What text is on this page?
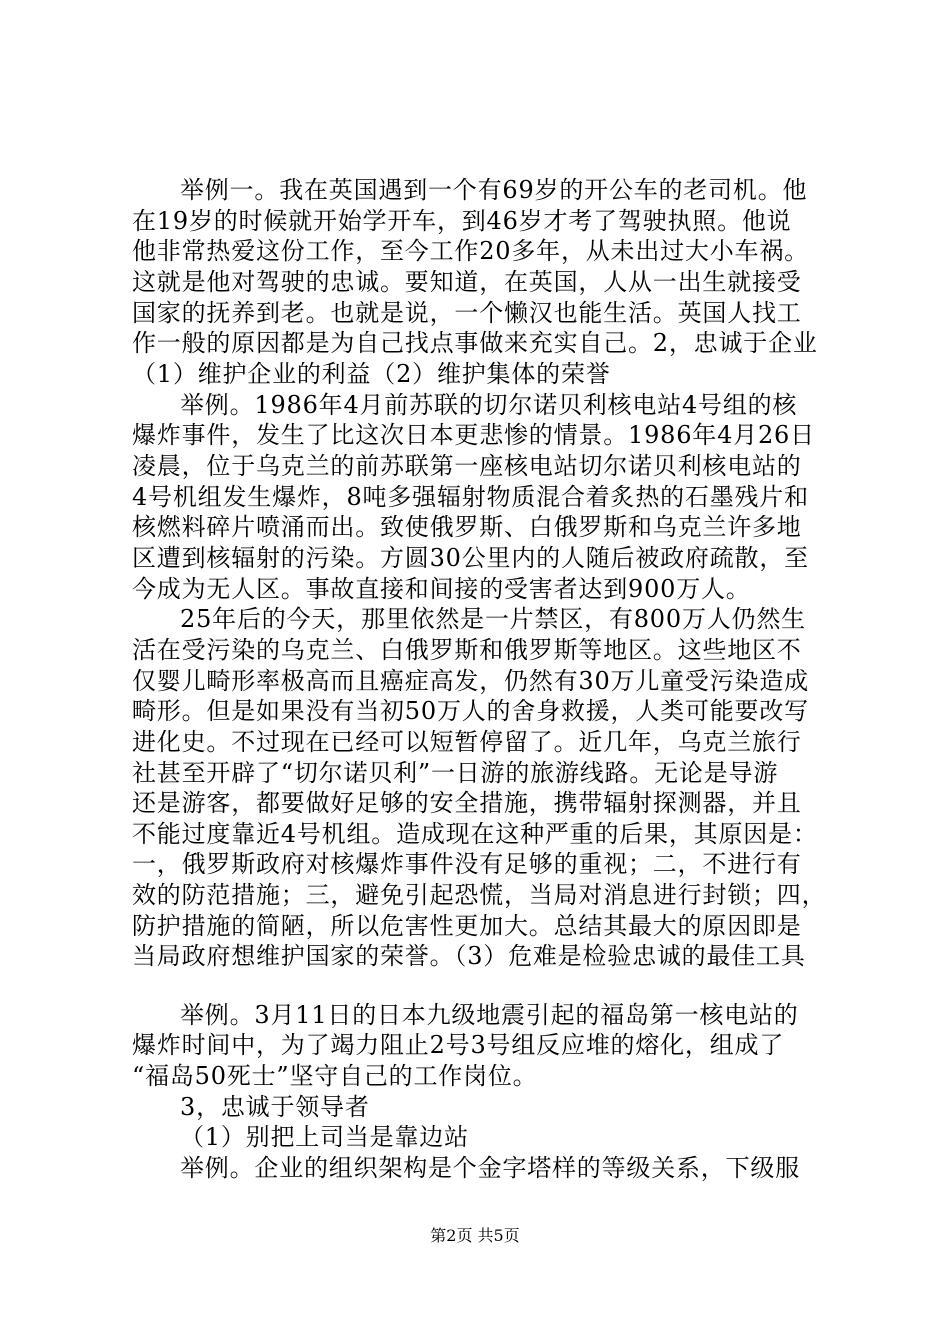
举例一。我在英国遇到一个有69岁的开公车的老司机。他
在19岁的时候就开始学开车，到46岁才考了驾驶执照。他说
他非常热爱这份工作，至今工作20多年，从未出过大小车祸。
这就是他对驾驶的忠诚。要知道，在英国，人从一出生就接受
国家的抚养到老。也就是说，一个懒汉也能生活。英国人找工
作一般的原因都是为自己找点事做来充实自己。2，忠诚于企业
（1）维护企业的利益（2）维护集体的荣誉
举例。1986年4月前苏联的切尔诺贝利核电站4号组的核
爆炸事件，发生了比这次日本更悲惨的情景。1986年4月26日
凌晨，位于乌克兰的前苏联第一座核电站切尔诺贝利核电站的
4号机组发生爆炸，8吨多强辐射物质混合着炙热的石墨残片和
核燃料碎片喷涌而出。致使俄罗斯、白俄罗斯和乌克兰许多地
区遭到核辐射的污染。方圆30公里内的人随后被政府疏散，至
今成为无人区。事故直接和间接的受害者达到900万人。
25年后的今天，那里依然是一片禁区，有800万人仍然生
活在受污染的乌克兰、白俄罗斯和俄罗斯等地区。这些地区不
仅婴儿畸形率极高而且癌症高发，仍然有30万儿童受污染造成
畸形。但是如果没有当初50万人的舍身救援，人类可能要改写
进化史。不过现在已经可以短暂停留了。近几年，乌克兰旅行
社甚至开辟了“切尔诺贝利”一日游的旅游线路。无论是导游
还是游客，都要做好足够的安全措施，携带辐射探测器，并且
不能过度靠近4号机组。造成现在这种严重的后果，其原因是：
一，俄罗斯政府对核爆炸事件没有足够的重视；二，不进行有
效的防范措施；三，避免引起恐慌，当局对消息进行封锁；四，
防护措施的简陋，所以危害性更加大。总结其最大的原因即是
当局政府想维护国家的荣誉。（3）危难是检验忠诚的最佳工具
举例。3月11日的日本九级地震引起的福岛第一核电站的
爆炸时间中，为了竭力阻止2号3号组反应堆的熔化，组成了
“福岛50死士”坚守自己的工作岗位。
3，忠诚于领导者
（1）别把上司当是靠边站
举例。企业的组织架构是个金字塔样的等级关系，下级服
第2页 共5页
